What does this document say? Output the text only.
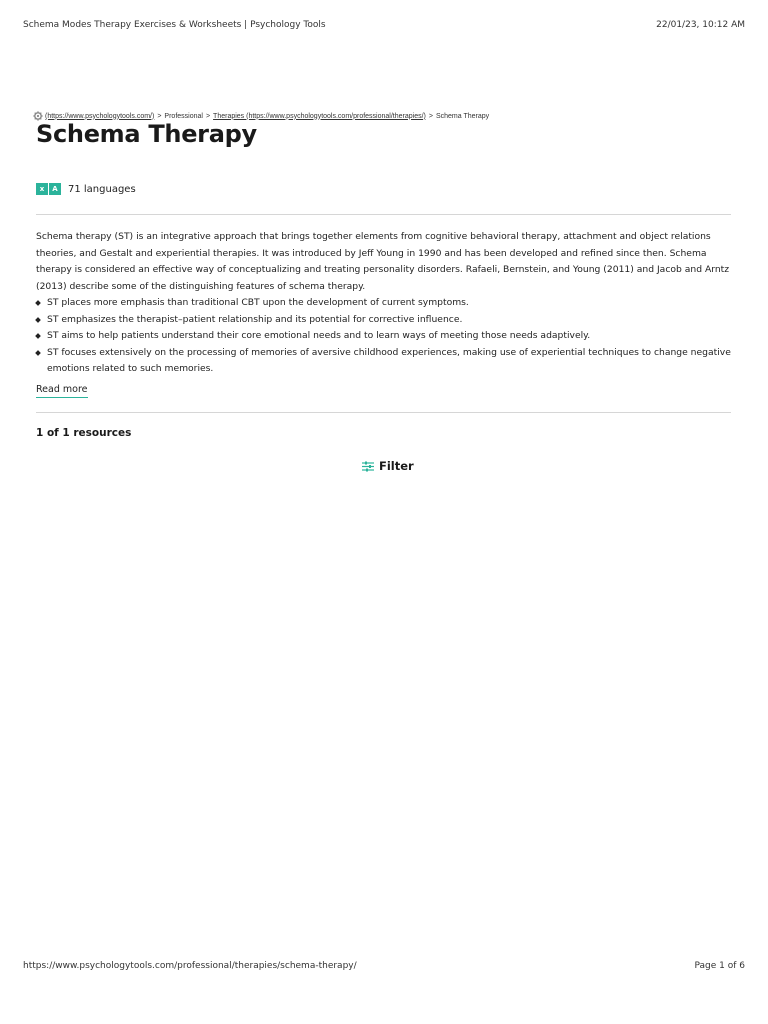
Schema Modes Therapy Exercises & Worksheets | Psychology Tools	22/01/23, 10:12 AM
(https://www.psychologytools.com/) > Professional > Therapies (https://www.psychologytools.com/professional/therapies/) > Schema Therapy
Schema Therapy
x	A	71 languages

Schema therapy (ST) is an integrative approach that brings together elements from cognitive behavioral therapy, attachment and object relations theories, and Gestalt and experiential therapies. It was introduced by Jeff Young in 1990 and has been developed and refined since then. Schema therapy is considered an effective way of conceptualizing and treating personality disorders. Rafaeli, Bernstein, and Young (2011) and Jacob and Arntz (2013) describe some of the distinguishing features of schema therapy.

ST places more emphasis than traditional CBT upon the development of current symptoms.
ST emphasizes the therapist–patient relationship and its potential for corrective influence.
ST aims to help patients understand their core emotional needs and to learn ways of meeting those needs adaptively.
ST focuses extensively on the processing of memories of aversive childhood experiences, making use of experiential techniques to change negative emotions related to such memories.
Read more
1 of 1 resources
Filter
https://www.psychologytools.com/professional/therapies/schema-therapy/	Page 1 of 6
